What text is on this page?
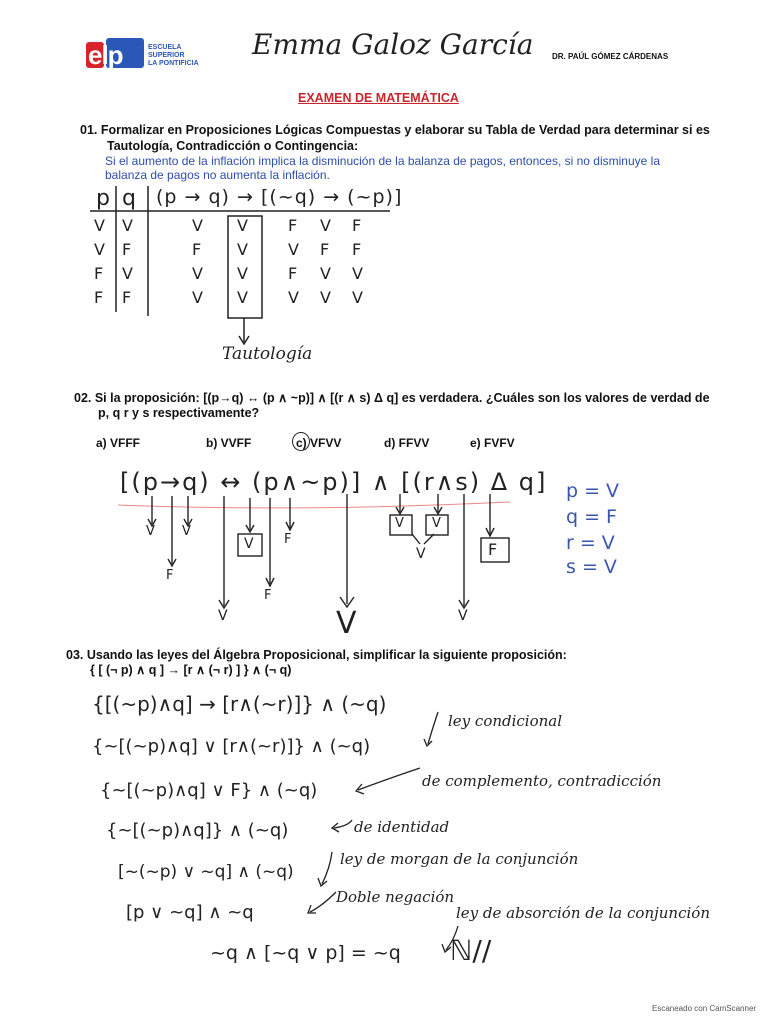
elp	ESCUELA
SUPERIOR
LA PONTIFICIA
Emma Galoz García DR. PAÚL GÓMEZ CÁRDENAS
EXAMEN DE MATEMÁTICA
01. Formalizar en Proposiciones Lógicas Compuestas y elaborar su Tabla de Verdad para determinar si es
Tautología, Contradicción o Contingencia:
Si el aumento de la inflación implica la disminución de la balanza de pagos, entonces, si no disminuye la
balanza de pagos no aumenta la inflación.
p q (p → q) → [(~q) → (~p)]
V V	V V	F V F
V F	F V	V F F
F V	V V	F V V
F F	V V	V V V
Tautología
02. Si la proposición: [(p→q) ↔ (p ∧ ~p)] ∧ [(r ∧ s) Δ q] es verdadera. ¿Cuáles son los valores de verdad de
p, q r y s respectivamente?
a) VFFF	b) VVFF	c) VFVV	d) FFVV	e) FVFV
[(p→q) ↔ (p∧~p)] ∧ [(r∧s) Δ q]
V V
F
F
V
F
V
V V
V	F
V
V
p = V
q = F
r = V
s = V
03. Usando las leyes del Álgebra Proposicional, simplificar la siguiente proposición:
{ [ (¬ p) ∧ q ] → [r ∧ (¬ r) ] } ∧ (¬ q)
{[(~p)∧q] → [r∧(~r)]} ∧ (~q)
{~[(~p)∧q] ∨ [r∧(~r)]} ∧ (~q)
{~[(~p)∧q] ∨ F} ∧ (~q)
{~[(~p)∧q]} ∧ (~q)
[~(~p) ∨ ~q] ∧ (~q)
[p ∨ ~q] ∧ ~q
~q ∧ [~q ∨ p] = ~q ℕ//
ley condicional
de complemento, contradicción
de identidad
ley de morgan de la conjunción
Doble negación
ley de absorción de la conjunción
Escaneado con CamScanner
